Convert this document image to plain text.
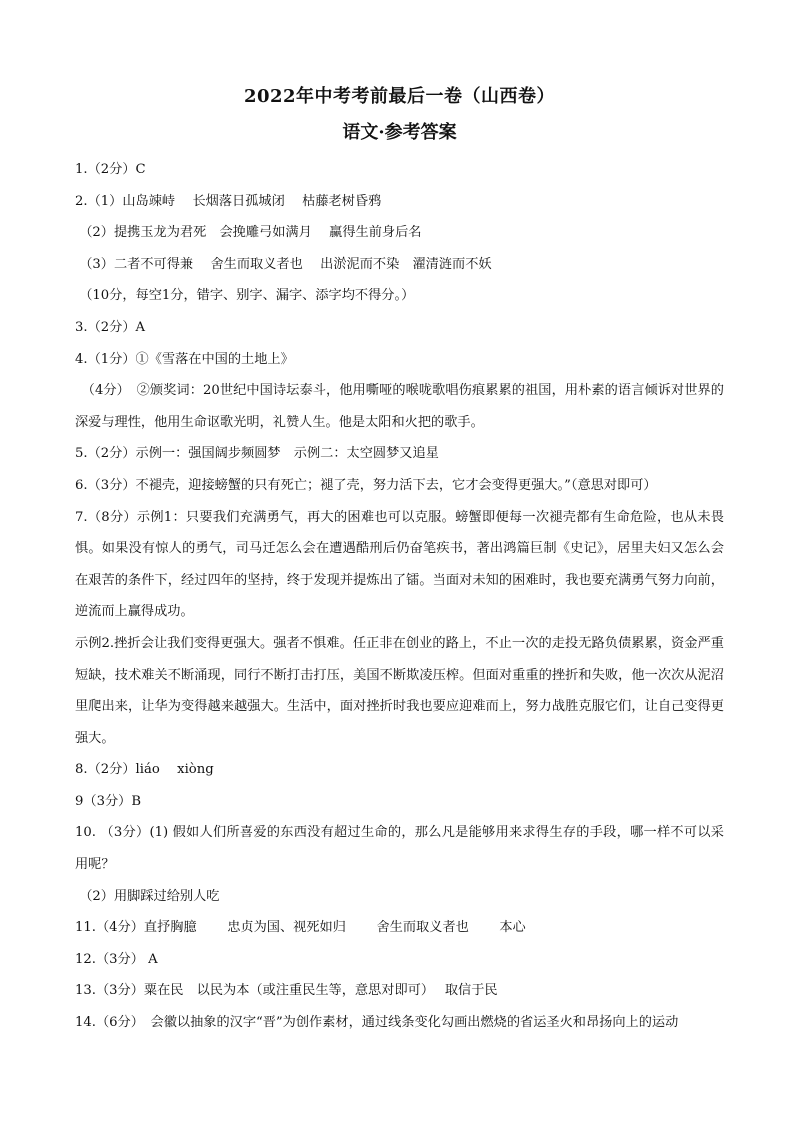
2022年中考考前最后一卷（山西卷）
语文·参考答案

1.（2分）C

2.（1）山岛竦峙　 长烟落日孤城闭　 枯藤老树昏鸦

（2）提携玉龙为君死　会挽雕弓如满月　 赢得生前身后名

（3）二者不可得兼　 舍生而取义者也　 出淤泥而不染　濯清涟而不妖

（10分，每空1分，错字、别字、漏字、添字均不得分。）

3.（2分）A

4.（1分）①《雪落在中国的土地上》

　（4分）　②颁奖词：20世纪中国诗坛泰斗，他用嘶哑的喉咙歌唱伤痕累累的祖国，用朴素的语言倾诉对世界的深爱与理性，他用生命讴歌光明，礼赞人生。他是太阳和火把的歌手。

5.（2分）示例一：强国阔步频圆梦　示例二：太空圆梦又追星

6.（3分）不褪壳，迎接螃蟹的只有死亡；褪了壳，努力活下去，它才会变得更强大。”（意思对即可）

7.（8分）示例1：只要我们充满勇气，再大的困难也可以克服。螃蟹即便每一次褪壳都有生命危险，也从未畏惧。如果没有惊人的勇气，司马迁怎么会在遭遇酷刑后仍奋笔疾书，著出鸿篇巨制《史记》，居里夫妇又怎么会在艰苦的条件下，经过四年的坚持，终于发现并提炼出了镭。当面对未知的困难时，我也要充满勇气努力向前，逆流而上赢得成功。

示例2.挫折会让我们变得更强大。强者不惧难。任正非在创业的路上，不止一次的走投无路负债累累，资金严重短缺，技术难关不断涌现，同行不断打击打压，美国不断欺凌压榨。但面对重重的挫折和失败，他一次次从泥沼里爬出来，让华为变得越来越强大。生活中，面对挫折时我也要应迎难而上，努力战胜克服它们，让自己变得更强大。

8.（2分）liáo　 xiòng

9（3分）B

10. （3分）(1) 假如人们所喜爱的东西没有超过生命的，那么凡是能够用来求得生存的手段，哪一样不可以采用呢？

（2）用脚踩过给别人吃

11.（4分）直抒胸臆　　 忠贞为国、视死如归　　 舍生而取义者也　　 本心

12.（3分） A

13.（3分）粟在民　以民为本（或注重民生等，意思对即可）　 取信于民

14.（6分）　会徽以抽象的汉字“晋”为创作素材，通过线条变化勾画出燃烧的省运圣火和昂扬向上的运动
